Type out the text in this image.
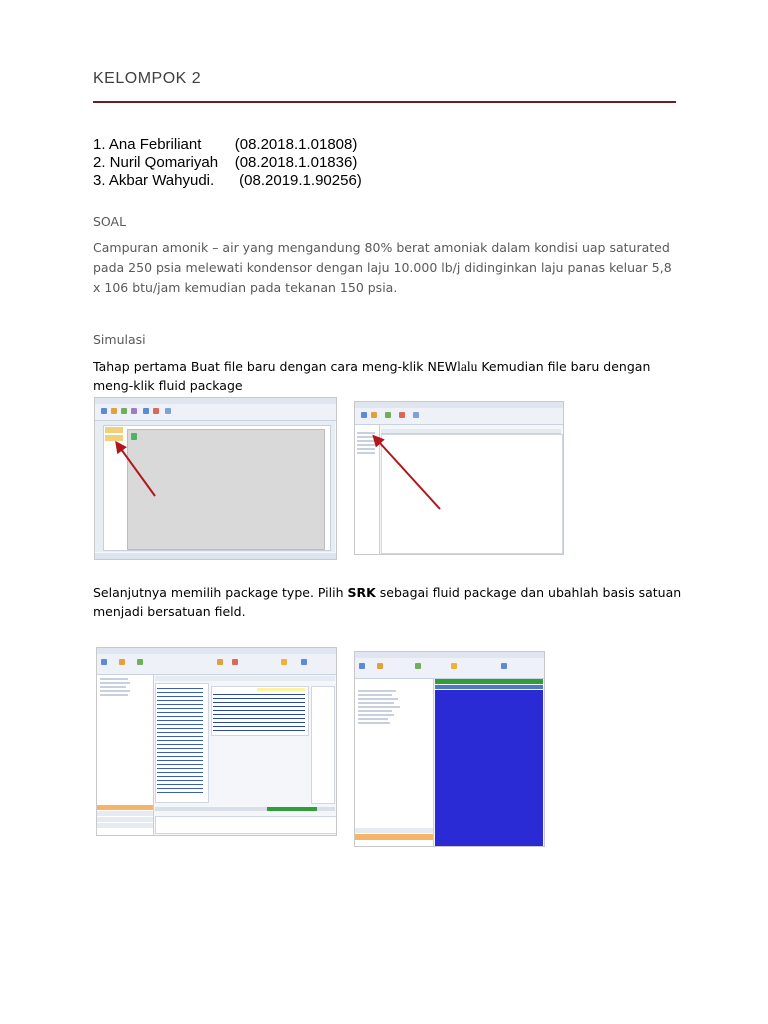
KELOMPOK 2
1. Ana Febriliant        (08.2018.1.01808)
2. Nuril Qomariyah    (08.2018.1.01836)
3. Akbar Wahyudi.      (08.2019.1.90256)
SOAL
Campuran amonik – air yang mengandung 80% berat amoniak dalam kondisi uap saturated
pada 250 psia melewati kondensor dengan laju 10.000 lb/j didinginkan laju panas keluar 5,8
x 106 btu/jam kemudian pada tekanan 150 psia.
Simulasi
Tahap pertama Buat file baru dengan cara meng-klik NEWlalu Kemudian file baru dengan
meng-klik fluid package
Selanjutnya memilih package type. Pilih SRK sebagai fluid package dan ubahlah basis satuan
menjadi bersatuan field.
